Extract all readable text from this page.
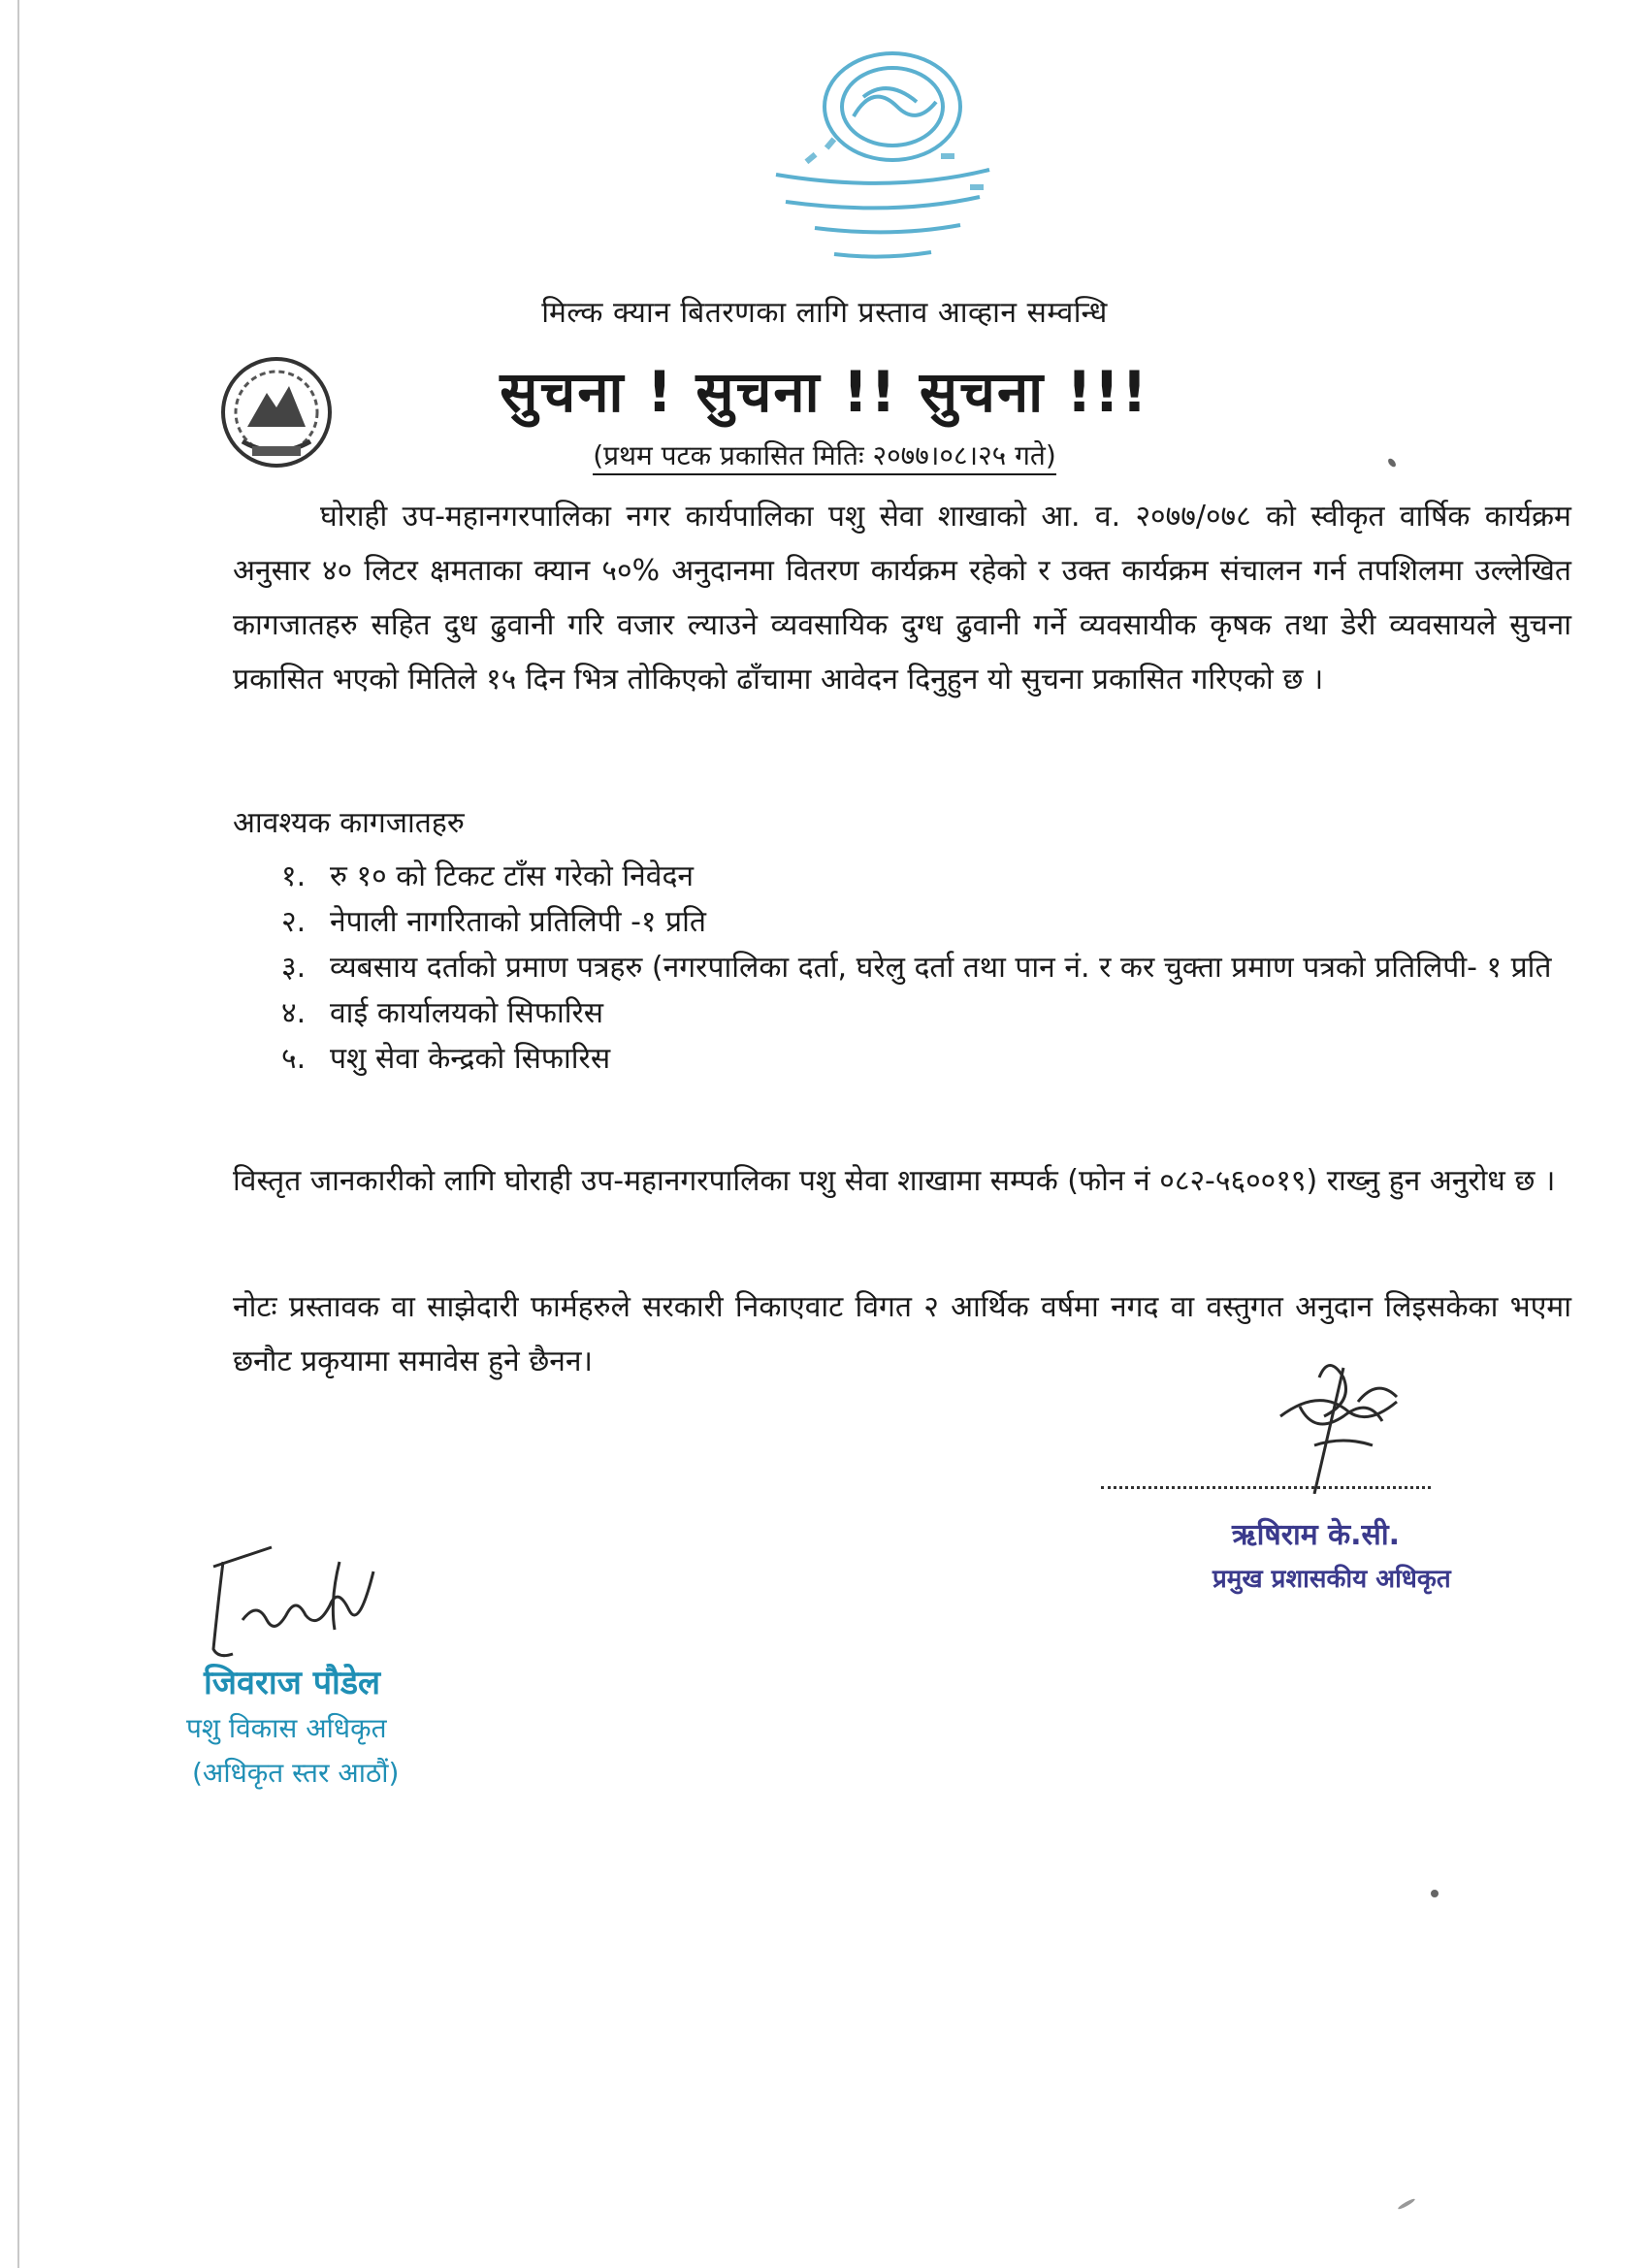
मिल्क क्यान बितरणका लागि प्रस्ताव आव्हान सम्वन्धि
सुचना ! सुचना !! सुचना !!!
(प्रथम पटक प्रकासित मितिः २०७७।०८।२५ गते)
घोराही उप-महानगरपालिका नगर कार्यपालिका पशु सेवा शाखाको आ. व. २०७७/०७८ को स्वीकृत वार्षिक कार्यक्रम अनुसार ४० लिटर क्षमताका क्यान ५०% अनुदानमा वितरण कार्यक्रम रहेको र उक्त कार्यक्रम संचालन गर्न तपशिलमा उल्लेखित कागजातहरु सहित दुध ढुवानी गरि वजार ल्याउने व्यवसायिक दुग्ध ढुवानी गर्ने व्यवसायीक कृषक तथा डेरी व्यवसायले सुचना प्रकासित भएको मितिले १५ दिन भित्र तोकिएको ढाँचामा आवेदन दिनुहुन यो सुचना प्रकासित गरिएको छ ।
आवश्यक कागजातहरु
१. रु १० को टिकट टाँस गरेको निवेदन
२. नेपाली नागरिताको प्रतिलिपी -१ प्रति
३. व्यबसाय दर्ताको प्रमाण पत्रहरु (नगरपालिका दर्ता, घरेलु दर्ता तथा पान नं. र कर चुक्ता प्रमाण पत्रको प्रतिलिपी- १ प्रति
४. वाई कार्यालयको सिफारिस
५. पशु सेवा केन्द्रको सिफारिस
विस्तृत जानकारीको लागि घोराही उप-महानगरपालिका पशु सेवा शाखामा सम्पर्क (फोन नं ०८२-५६००१९) राख्नु हुन अनुरोध छ ।
नोटः प्रस्तावक वा साझेदारी फार्महरुले सरकारी निकाएवाट विगत २ आर्थिक वर्षमा नगद वा वस्तुगत अनुदान लिइसकेका भएमा छनौट प्रकृयामा समावेस हुने छैनन।
ऋषिराम के.सी.
प्रमुख प्रशासकीय अधिकृत
जिवराज पौडेल
पशु विकास अधिकृत
(अधिकृत स्तर आठौं)
